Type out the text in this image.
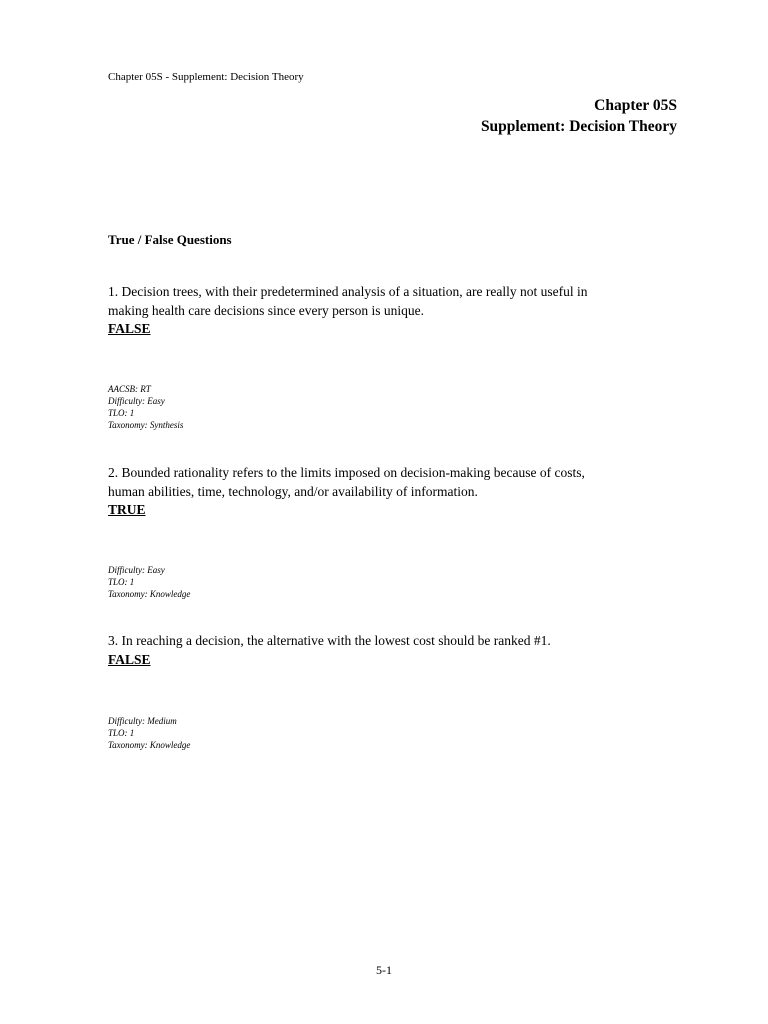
Chapter 05S - Supplement: Decision Theory
Chapter 05S
Supplement: Decision Theory
True / False Questions

1. Decision trees, with their predetermined analysis of a situation, are really not useful in
making health care decisions since every person is unique.

FALSE

AACSB: RT
Difficulty: Easy
TLO: 1
Taxonomy: Synthesis

2. Bounded rationality refers to the limits imposed on decision-making because of costs,
human abilities, time, technology, and/or availability of information.

TRUE

Difficulty: Easy
TLO: 1
Taxonomy: Knowledge

3. In reaching a decision, the alternative with the lowest cost should be ranked #1.

FALSE

Difficulty: Medium
TLO: 1
Taxonomy: Knowledge
5-1
